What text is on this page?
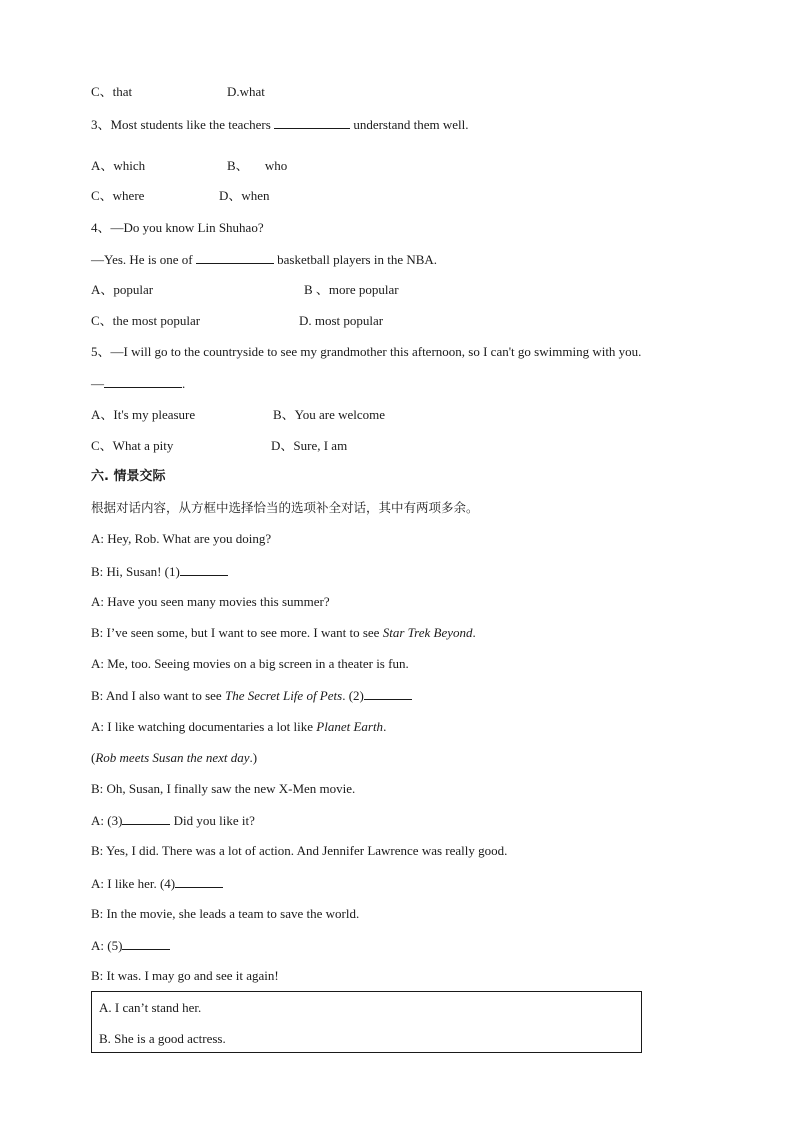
C、that	D.what
3、Most students like the teachers	understand them well.
A、which	B、     who
C、where	D、when
4、—Do you know Lin Shuhao?
—Yes. He is one of	basketball players in the NBA.
A、popular	B 、more popular
C、the most popular	D. most popular
5、—I will go to the countryside to see my grandmother this afternoon, so I can't go swimming with you.
—	.
A、It's my pleasure	B、You are welcome
C、What a pity	D、Sure, I am
六. 情景交际
根据对话内容，从方框中选择恰当的选项补全对话，其中有两项多余。
A: Hey, Rob. What are you doing?
B: Hi, Susan! (1)
A: Have you seen many movies this summer?
B: I’ve seen some, but I want to see more. I want to see Star Trek Beyond.
A: Me, too. Seeing movies on a big screen in a theater is fun.
B: And I also want to see The Secret Life of Pets. (2)
A: I like watching documentaries a lot like Planet Earth.
(Rob meets Susan the next day.)
B: Oh, Susan, I finally saw the new X-Men movie.
A: (3)	Did you like it?
B: Yes, I did. There was a lot of action. And Jennifer Lawrence was really good.
A: I like her. (4)
B: In the movie, she leads a team to save the world.
A: (5)
B: It was. I may go and see it again!
A. I can’t stand her.
B. She is a good actress.
